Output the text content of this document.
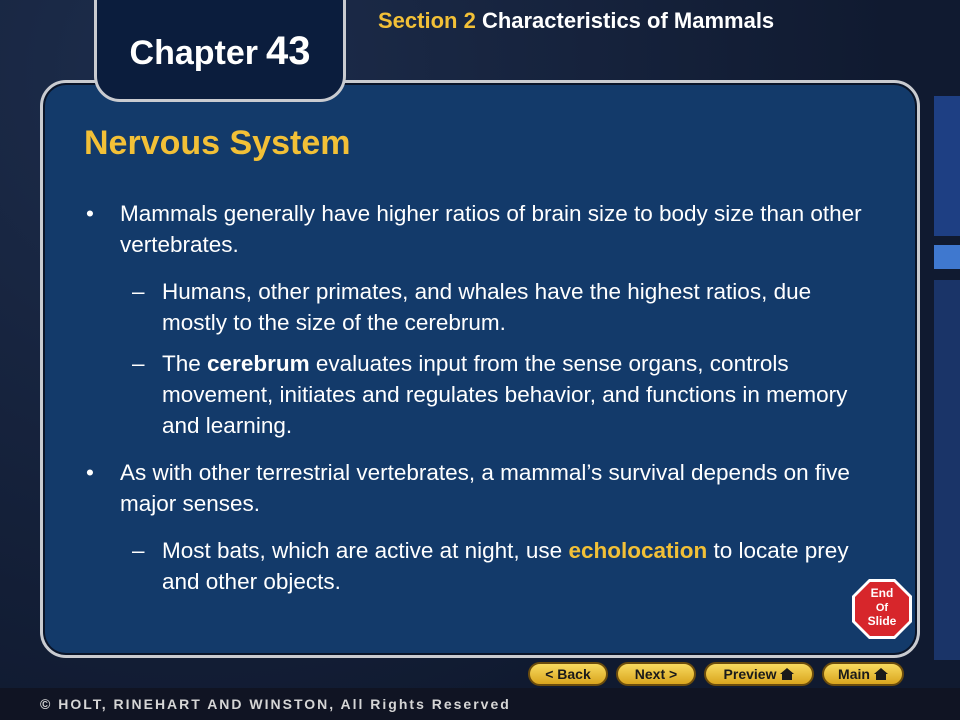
Chapter 43
Section 2 Characteristics of Mammals
Nervous System
• Mammals generally have higher ratios of brain size to body size than other vertebrates.
– Humans, other primates, and whales have the highest ratios, due mostly to the size of the cerebrum.
– The cerebrum evaluates input from the sense organs, controls movement, initiates and regulates behavior, and functions in memory and learning.
• As with other terrestrial vertebrates, a mammal’s survival depends on five major senses.
– Most bats, which are active at night, use echolocation to locate prey and other objects.	End
Of
Slide
< Back	Next >	Preview	Main
© HOLT, RINEHART AND WINSTON, All Rights Reserved
